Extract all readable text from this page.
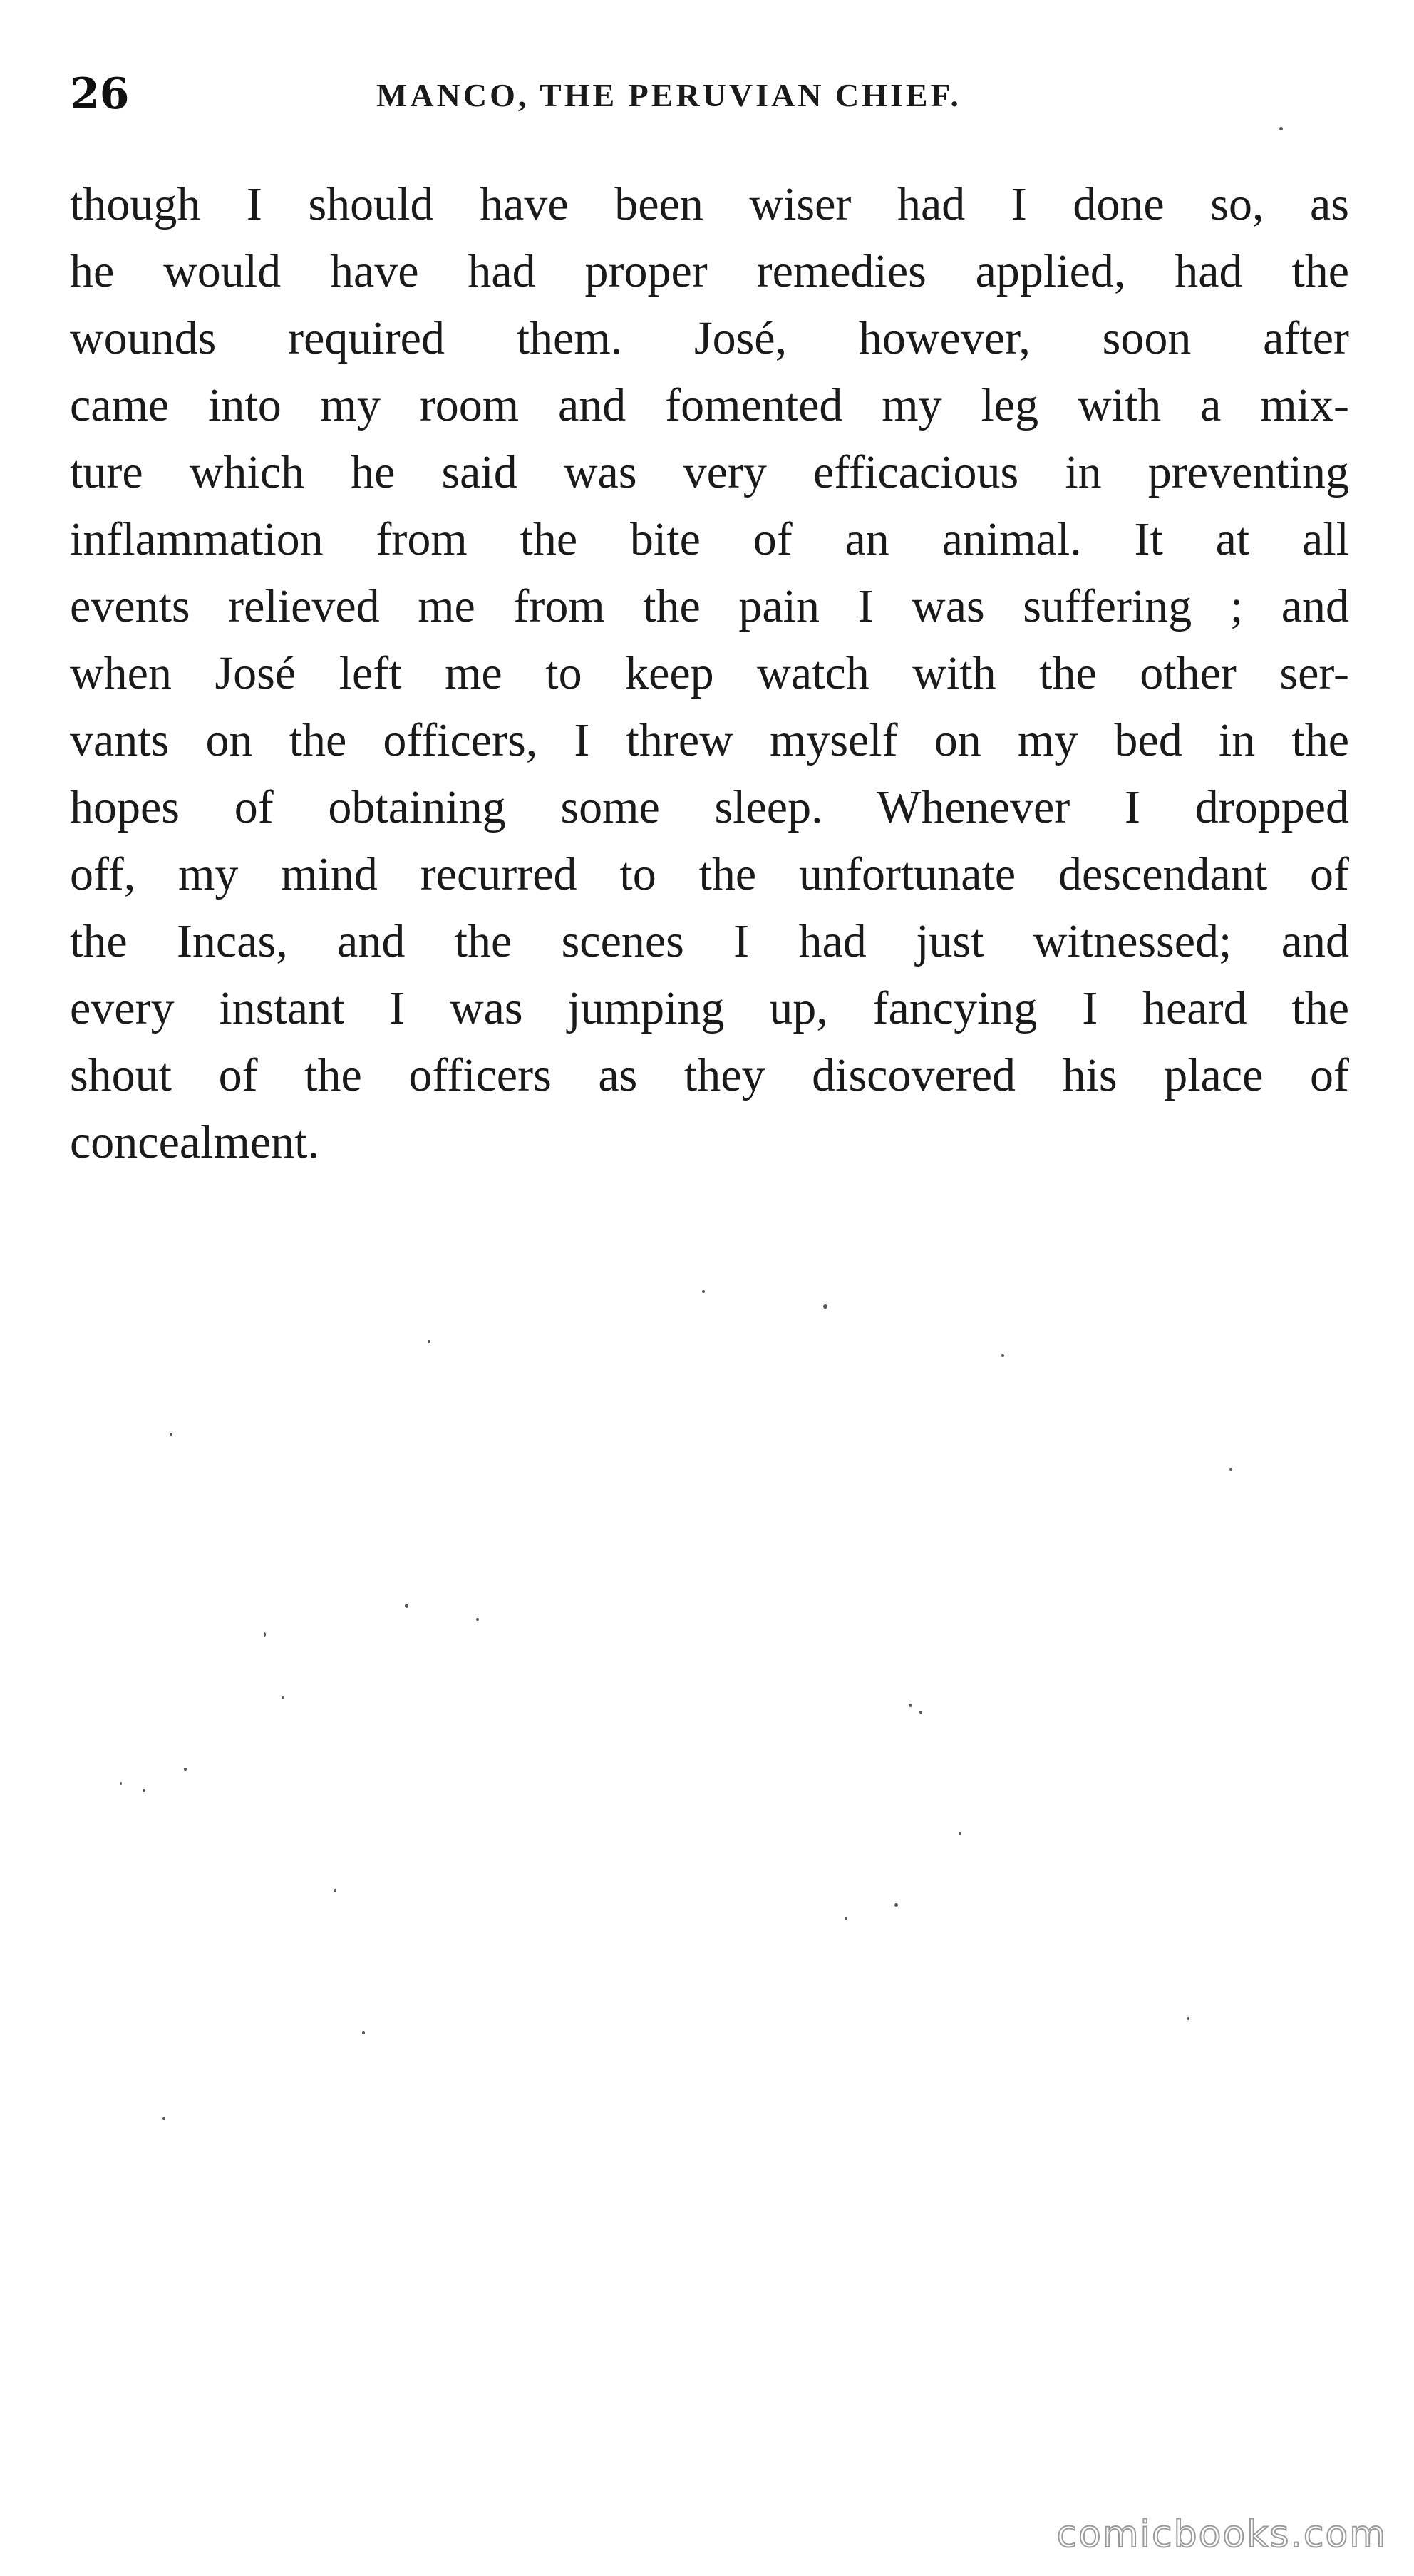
26	MANCO, THE PERUVIAN CHIEF.
though I should have been wiser had I done so, as
he would have had proper remedies applied, had the
wounds required them. José, however, soon after
came into my room and fomented my leg with a mix-
ture which he said was very efficacious in preventing
inflammation from the bite of an animal. It at all
events relieved me from the pain I was suffering ; and
when José left me to keep watch with the other ser-
vants on the officers, I threw myself on my bed in the
hopes of obtaining some sleep. Whenever I dropped
off, my mind recurred to the unfortunate descendant of
the Incas, and the scenes I had just witnessed; and
every instant I was jumping up, fancying I heard the
shout of the officers as they discovered his place of
concealment.
comicbooks.com
